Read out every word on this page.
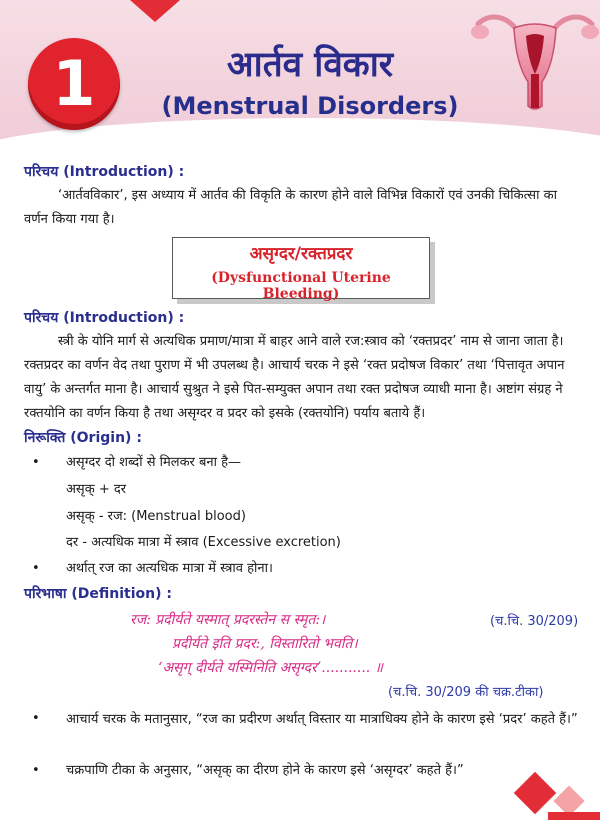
1	आर्तव विकार
(Menstrual Disorders)
परिचय (Introduction) :
‘आर्तवविकार’, इस अध्याय में आर्तव की विकृति के कारण होने वाले विभिन्न विकारों एवं उनकी चिकित्सा का वर्णन किया गया है।
असृग्दर/रक्तप्रदर
(Dysfunctional Uterine Bleeding)
परिचय (Introduction) :
स्त्री के योनि मार्ग से अत्यधिक प्रमाण/मात्रा में बाहर आने वाले रज:स्त्राव को ‘रक्तप्रदर’ नाम से जाना जाता है। रक्तप्रदर का वर्णन वेद तथा पुराण में भी उपलब्ध है। आचार्य चरक ने इसे ‘रक्त प्रदोषज विकार’ तथा ‘पित्तावृत अपान वायु’ के अन्तर्गत माना है। आचार्य सुश्रुत ने इसे पित-सम्युक्त अपान तथा रक्त प्रदोषज व्याधी माना है। अष्टांग संग्रह ने रक्तयोनि का वर्णन किया है तथा असृग्दर व प्रदर को इसके (रक्तयोनि) पर्याय बताये हैं।
निरूक्ति (Origin) :
• असृग्दर दो शब्दों से मिलकर बना है—
असृक् + दर
असृक् - रज: (Menstrual blood)
दर - अत्यधिक मात्रा में स्त्राव (Excessive excretion)
• अर्थात् रज का अत्यधिक मात्रा में स्त्राव होना।
परिभाषा (Definition) :
रज: प्रदीर्यते यस्मात् प्रदरस्तेन स स्मृत:।	(च.चि. 30/209)
प्रदीर्यते इति प्रदर:, विस्तारितो भवति।
‘असृग् दीर्यते यस्मिनिति असृग्दर’........... ॥
(च.चि. 30/209 की चक्र.टीका)
• आचार्य चरक के मतानुसार, “रज का प्रदीरण अर्थात् विस्तार या मात्राधिक्य होने के कारण इसे ‘प्रदर’ कहते हैं।”
• चक्रपाणि टीका के अनुसार, “असृक् का दीरण होने के कारण इसे ‘असृग्दर’ कहते हैं।”
